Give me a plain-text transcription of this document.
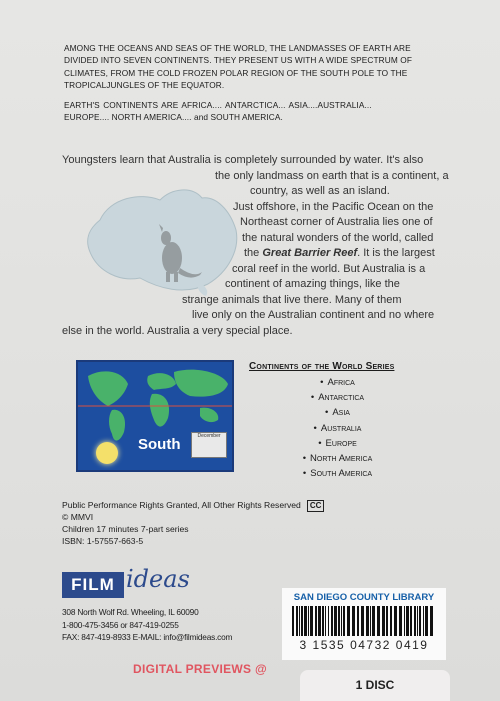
AMONG THE OCEANS AND SEAS OF THE WORLD, THE LANDMASSES OF EARTH ARE DIVIDED INTO SEVEN CONTINENTS. THEY PRESENT US WITH A WIDE SPECTRUM OF CLIMATES, FROM THE COLD FROZEN POLAR REGION OF THE SOUTH POLE TO THE TROPICALJUNGLES OF THE EQUATOR.

EARTH'S CONTINENTS ARE AFRICA.... ANTARCTICA... ASIA....AUSTRALIA...
EUROPE.... NORTH AMERICA.... and SOUTH AMERICA.

Youngsters learn that Australia is completely surrounded by water. It's also
the only landmass on earth that is a continent, a
country, as well as an island.
Just offshore, in the Pacific Ocean on the
Northeast corner of Australia lies one of
the natural wonders of the world, called
the Great Barrier Reef. It is the largest
coral reef in the world. But Australia is a
continent of amazing things, like the
strange animals that live there. Many of them
live only on the Australian continent and no where
else in the world. Australia a very special place.
South	December
Continents of the World Series
• Africa
• Antarctica
• Asia
• Australia
• Europe
• North America
• South America
Public Performance Rights Granted, All Other Rights Reserved CC
© MMVI
Children 17 minutes 7-part series
ISBN: 1-57557-663-5
FILM ideas
308 North Wolf Rd. Wheeling, IL 60090
1-800-475-3456 or 847-419-0255
FAX: 847-419-8933 E-MAIL: info@filmideas.com
DIGITAL PREVIEWS @
SAN DIEGO COUNTY LIBRARY
3 1535 04732 0419
1 DISC
